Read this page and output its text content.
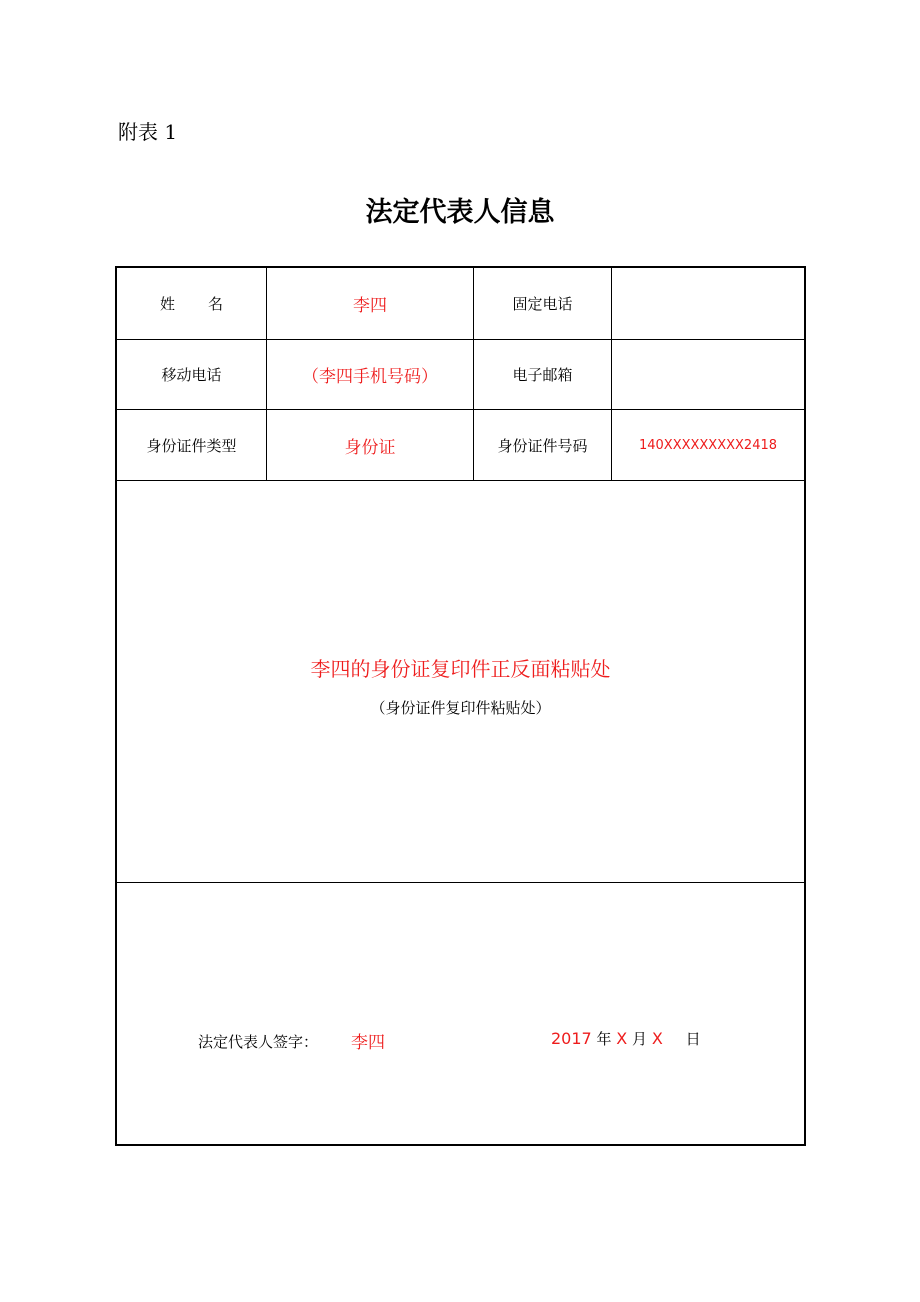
附表 1
法定代表人信息
姓名	李四	固定电话
移动电话	（李四手机号码）	电子邮箱
身份证件类型	身份证	身份证件号码	140XXXXXXXXX2418
李四的身份证复印件正反面粘贴处
（身份证件复印件粘贴处）
法定代表人签字： 李四	2017 年 X 月 X 日
